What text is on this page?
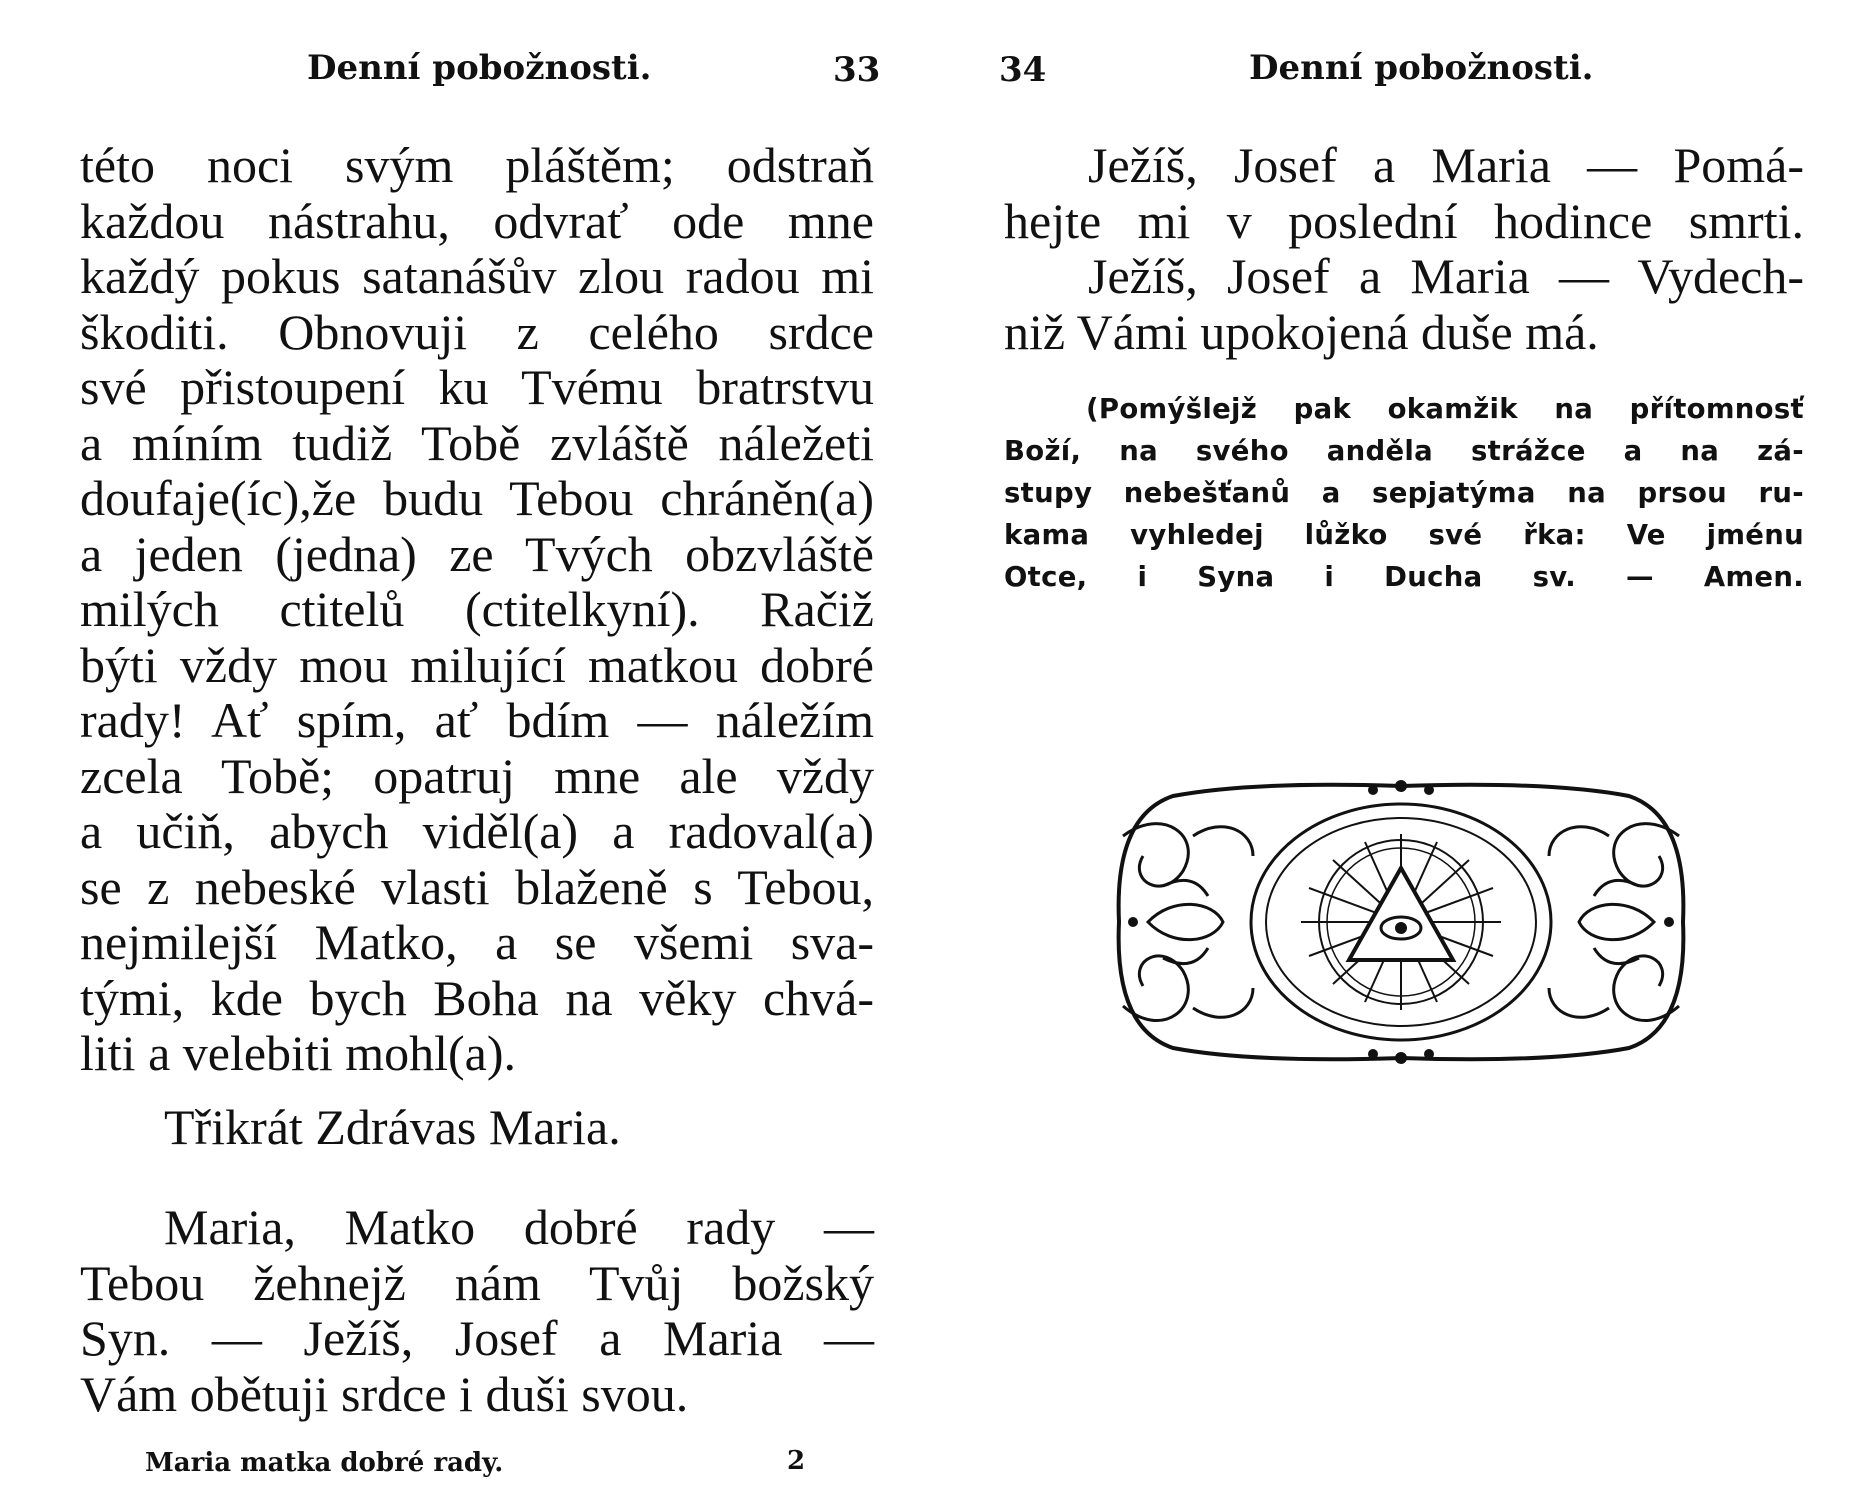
Denní pobožnosti.	33
této noci svým pláštěm; odstraň
každou nástrahu, odvrať ode mne
každý pokus satanášův zlou radou mi
škoditi. Obnovuji z celého srdce
své přistoupení ku Tvému bratrstvu
a míním tudiž Tobě zvláště náležeti
doufaje(íc),že budu Tebou chráněn(a)
a jeden (jedna) ze Tvých obzvláště
milých ctitelů (ctitelkyní). Račiž
býti vždy mou milující matkou dobré
rady! Ať spím, ať bdím — náležím
zcela Tobě; opatruj mne ale vždy
a učiň, abych viděl(a) a radoval(a)
se z nebeské vlasti blaženě s Tebou,
nejmilejší Matko, a se všemi sva-
tými, kde bych Boha na věky chvá-
liti a velebiti mohl(a).
Třikrát Zdrávas Maria.
Maria, Matko dobré rady —
Tebou žehnejž nám Tvůj božský
Syn. — Ježíš, Josef a Maria —
Vám obětuji srdce i duši svou.
Maria matka dobré rady.	2
34	Denní pobožnosti.
Ježíš, Josef a Maria — Pomá-
hejte mi v poslední hodince smrti.
Ježíš, Josef a Maria — Vydech-
niž Vámi upokojená duše má.
(Pomýšlejž pak okamžik na přítomnosť
Boží, na svého anděla strážce a na zá-
stupy nebešťanů a sepjatýma na prsou ru-
kama vyhledej lůžko své řka: Ve jménu
Otce, i Syna i Ducha sv. — Amen.
